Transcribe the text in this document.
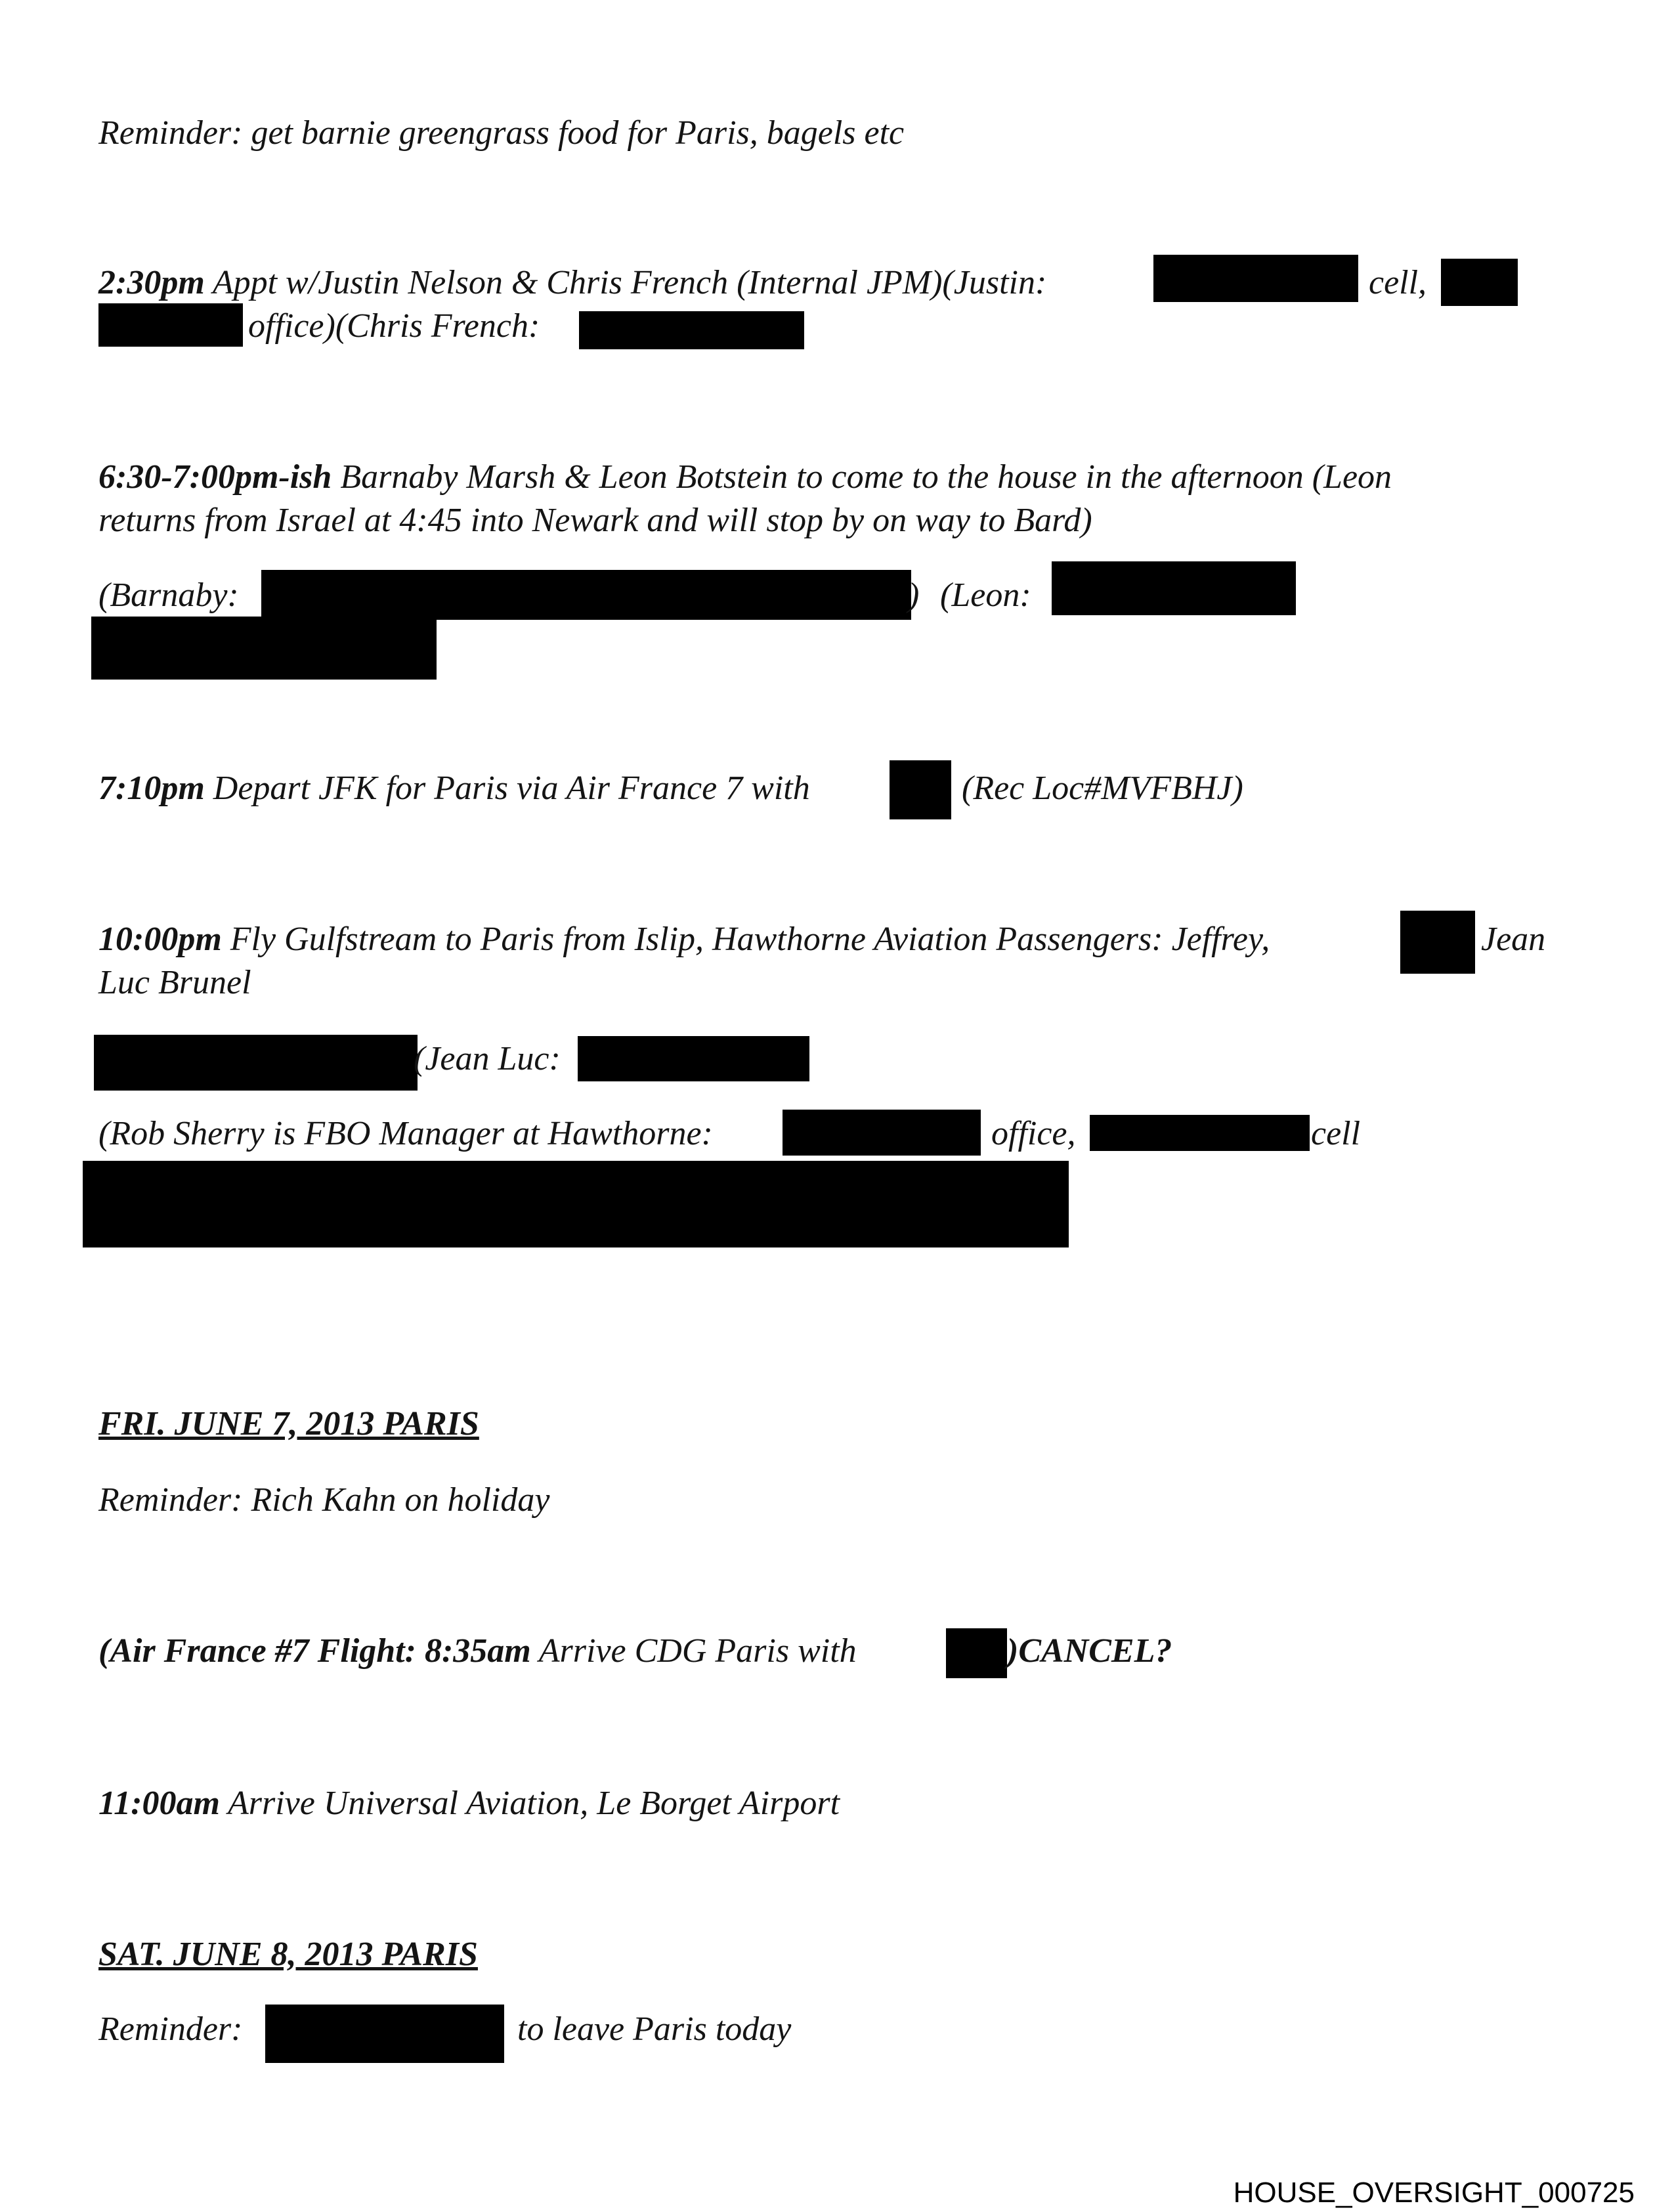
Reminder: get barnie greengrass food for Paris, bagels etc
2:30pm Appt w/Justin Nelson & Chris French (Internal JPM)(Justin:	cell,
office)(Chris French:
6:30-7:00pm-ish Barnaby Marsh & Leon Botstein to come to the house in the afternoon (Leon
returns from Israel at 4:45 into Newark and will stop by on way to Bard)
(Barnaby:	) (Leon:
7:10pm Depart JFK for Paris via Air France 7 with	(Rec Loc#MVFBHJ)
10:00pm Fly Gulfstream to Paris from Islip, Hawthorne Aviation Passengers: Jeffrey,	Jean
Luc Brunel
(Jean Luc:
(Rob Sherry is FBO Manager at Hawthorne:	office,	cell
FRI. JUNE 7, 2013 PARIS
Reminder: Rich Kahn on holiday
(Air France #7 Flight: 8:35am Arrive CDG Paris with	)CANCEL?
11:00am Arrive Universal Aviation, Le Borget Airport
SAT. JUNE 8, 2013 PARIS
Reminder:	to leave Paris today
HOUSE_OVERSIGHT_000725
